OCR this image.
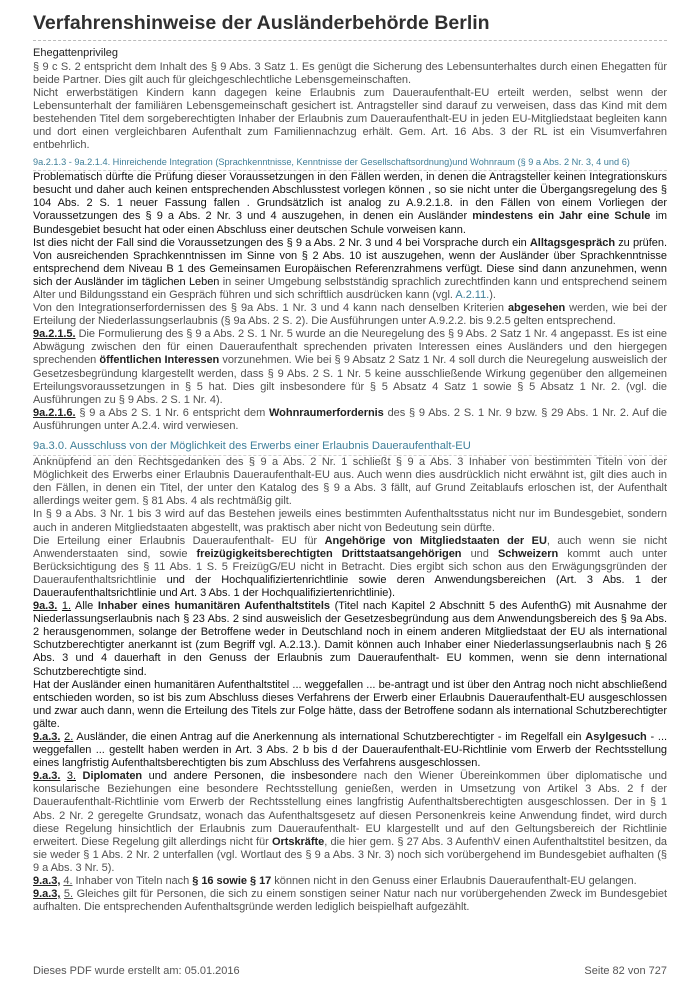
Verfahrenshinweise der Ausländerbehörde Berlin
Ehegattenprivileg

§ 9 c S. 2 entspricht dem Inhalt des § 9 Abs. 3 Satz 1. Es genügt die Sicherung des Lebensunterhaltes durch einen Ehegatten für beide Partner. Dies gilt auch für gleichgeschlechtliche Lebensgemeinschaften.

Nicht erwerbstätigen Kindern kann dagegen keine Erlaubnis zum Daueraufenthalt-EU erteilt werden, selbst wenn der Lebensunterhalt der familiären Lebensgemeinschaft gesichert ist. Antragsteller sind darauf zu verweisen, dass das Kind mit dem bestehenden Titel dem sorgeberechtigten Inhaber der Erlaubnis zum Daueraufenthalt-EU in jeden EU-Mitgliedstaat begleiten kann und dort einen vergleichbaren Aufenthalt zum Familiennachzug erhält. Gem. Art. 16 Abs. 3 der RL ist ein Visumverfahren entbehrlich.

9a.2.1.3 - 9a.2.1.4. Hinreichende Integration (Sprachkenntnisse, Kenntnisse der Gesellschaftsordnung)und Wohnraum (§ 9 a Abs. 2 Nr. 3, 4 und 6)

Problematisch dürfte die Prüfung dieser Voraussetzungen in den Fällen werden, in denen die Antragsteller keinen Integrationskurs besucht und daher auch keinen entsprechenden Abschlusstest vorlegen können , so sie nicht unter die Übergangsregelung des § 104 Abs. 2 S. 1 neuer Fassung fallen . Grundsätzlich ist analog zu A.9.2.1.8. in den Fällen von einem Vorliegen der Voraussetzungen des § 9 a Abs. 2 Nr. 3 und 4 auszugehen, in denen ein Ausländer mindestens ein Jahr eine Schule im Bundesgebiet besucht hat oder einen Abschluss einer deutschen Schule vorweisen kann.

Ist dies nicht der Fall sind die Voraussetzungen des § 9 a Abs. 2 Nr. 3 und 4 bei Vorsprache durch ein Alltagsgespräch zu prüfen. Von ausreichenden Sprachkenntnissen im Sinne von § 2 Abs. 10 ist auszugehen, wenn der Ausländer über Sprachkenntnisse entsprechend dem Niveau B 1 des Gemeinsamen Europäischen Referenzrahmens verfügt. Diese sind dann anzunehmen, wenn sich der Ausländer im täglichen Leben in seiner Umgebung selbstständig sprachlich zurechtfinden kann und entsprechend seinem Alter und Bildungsstand ein Gespräch führen und sich schriftlich ausdrücken kann (vgl. A.2.11.).

Von den Integrationserfordernissen des § 9a Abs. 1 Nr. 3 und 4 kann nach denselben Kriterien abgesehen werden, wie bei der Erteilung der Niederlassungserlaubnis (§ 9a Abs. 2 S. 2). Die Ausführungen unter A.9.2.2. bis 9.2.5 gelten entsprechend.

9a.2.1.5. Die Formulierung des § 9 a Abs. 2 S. 1 Nr. 5 wurde an die Neuregelung des § 9 Abs. 2 Satz 1 Nr. 4 angepasst. Es ist eine Abwägung zwischen den für einen Daueraufenthalt sprechenden privaten Interessen eines Ausländers und den hiergegen sprechenden öffentlichen Interessen vorzunehmen. Wie bei § 9 Absatz 2 Satz 1 Nr. 4 soll durch die Neuregelung ausweislich der Gesetzesbegründung klargestellt werden, dass § 9 Abs. 2 S. 1 Nr. 5 keine ausschließende Wirkung gegenüber den allgemeinen Erteilungsvoraussetzungen in § 5 hat. Dies gilt insbesondere für § 5 Absatz 4 Satz 1 sowie § 5 Absatz 1 Nr. 2. (vgl. die Ausführungen zu § 9 Abs. 2 S. 1 Nr. 4).

9a.2.1.6. § 9 a Abs 2 S. 1 Nr. 6 entspricht dem Wohnraumerfordernis des § 9 Abs. 2 S. 1 Nr. 9 bzw. § 29 Abs. 1 Nr. 2. Auf die Ausführungen unter A.2.4. wird verwiesen.

9a.3.0. Ausschluss von der Möglichkeit des Erwerbs einer Erlaubnis Daueraufenthalt-EU

Anknüpfend an den Rechtsgedanken des § 9 a Abs. 2 Nr. 1 schließt § 9 a Abs. 3 Inhaber von bestimmten Titeln von der Möglichkeit des Erwerbs einer Erlaubnis Daueraufenthalt-EU aus. Auch wenn dies ausdrücklich nicht erwähnt ist, gilt dies auch in den Fällen, in denen ein Titel, der unter den Katalog des § 9 a Abs. 3 fällt, auf Grund Zeitablaufs erloschen ist, der Aufenthalt allerdings weiter gem. § 81 Abs. 4 als rechtmäßig gilt.

In § 9 a Abs. 3 Nr. 1 bis 3 wird auf das Bestehen jeweils eines bestimmten Aufenthaltsstatus nicht nur im Bundesgebiet, sondern auch in anderen Mitgliedstaaten abgestellt, was praktisch aber nicht von Bedeutung sein dürfte.

Die Erteilung einer Erlaubnis Daueraufenthalt- EU für Angehörige von Mitgliedstaaten der EU, auch wenn sie nicht Anwenderstaaten sind, sowie freizügigkeitsberechtigten Drittstaatsangehörigen und Schweizern kommt auch unter Berücksichtigung des § 11 Abs. 1 S. 5 FreizügG/EU nicht in Betracht. Dies ergibt sich schon aus den Erwägungsgründen der Daueraufenthaltsrichtlinie und der Hochqualifiziertenrichtlinie sowie deren Anwendungsbereichen (Art. 3 Abs. 1 der Daueraufenthaltsrichtlinie und Art. 3 Abs. 1 der Hochqualifiziertenrichtlinie).

9a.3. 1. Alle Inhaber eines humanitären Aufenthaltstitels (Titel nach Kapitel 2 Abschnitt 5 des AufenthG) mit Ausnahme der Niederlassungserlaubnis nach § 23 Abs. 2 sind ausweislich der Gesetzesbegründung aus dem Anwendungsbereich des § 9a Abs. 2 herausgenommen, solange der Betroffene weder in Deutschland noch in einem anderen Mitgliedstaat der EU als international Schutzberechtigter anerkannt ist (zum Begriff vgl. A.2.13.). Damit können auch Inhaber einer Niederlassungserlaubnis nach § 26 Abs. 3 und 4 dauerhaft in den Genuss der Erlaubnis zum Daueraufenthalt- EU kommen, wenn sie denn international Schutzberechtigte sind.

Hat der Ausländer einen humanitären Aufenthaltstitel ... weggefallen ... be-antragt und ist über den Antrag noch nicht abschließend entschieden worden, so ist bis zum Abschluss dieses Verfahrens der Erwerb einer Erlaubnis Daueraufenthalt-EU ausgeschlossen und zwar auch dann, wenn die Erteilung des Titels zur Folge hätte, dass der Betroffene sodann als international Schutzberechtigter gälte.

9.a.3. 2. Ausländer, die einen Antrag auf die Anerkennung als international Schutzberechtigter - im Regelfall ein Asylgesuch - ... weggefallen ... gestellt haben werden in Art. 3 Abs. 2 b bis d der Daueraufenthalt-EU-Richtlinie vom Erwerb der Rechtsstellung eines langfristig Aufenthaltsberechtigten bis zum Abschluss des Verfahrens ausgeschlossen.

9.a.3. 3. Diplomaten und andere Personen, die insbesondere nach den Wiener Übereinkommen über diplomatische und konsularische Beziehungen eine besondere Rechtsstellung genießen, werden in Umsetzung von Artikel 3 Abs. 2 f der Daueraufenthalt-Richtlinie vom Erwerb der Rechtsstellung eines langfristig Aufenthaltsberechtigten ausgeschlossen. Der in § 1 Abs. 2 Nr. 2 geregelte Grundsatz, wonach das Aufenthaltsgesetz auf diesen Personenkreis keine Anwendung findet, wird durch diese Regelung hinsichtlich der Erlaubnis zum Daueraufenthalt- EU klargestellt und auf den Geltungsbereich der Richtlinie erweitert. Diese Regelung gilt allerdings nicht für Ortskräfte, die hier gem. § 27 Abs. 3 AufenthV einen Aufenthaltstitel besitzen, da sie weder § 1 Abs. 2 Nr. 2 unterfallen (vgl. Wortlaut des § 9 a Abs. 3 Nr. 3) noch sich vorübergehend im Bundesgebiet aufhalten (§ 9 a Abs. 3 Nr. 5).

9.a.3, 4. Inhaber von Titeln nach § 16 sowie § 17 können nicht in den Genuss einer Erlaubnis Daueraufenthalt-EU gelangen.

9.a.3, 5. Gleiches gilt für Personen, die sich zu einem sonstigen seiner Natur nach nur vorübergehenden Zweck im Bundesgebiet aufhalten. Die entsprechenden Aufenthaltsgründe werden lediglich beispielhaft aufgezählt.

Dieses PDF wurde erstellt am: 05.01.2016	Seite 82 von 727
